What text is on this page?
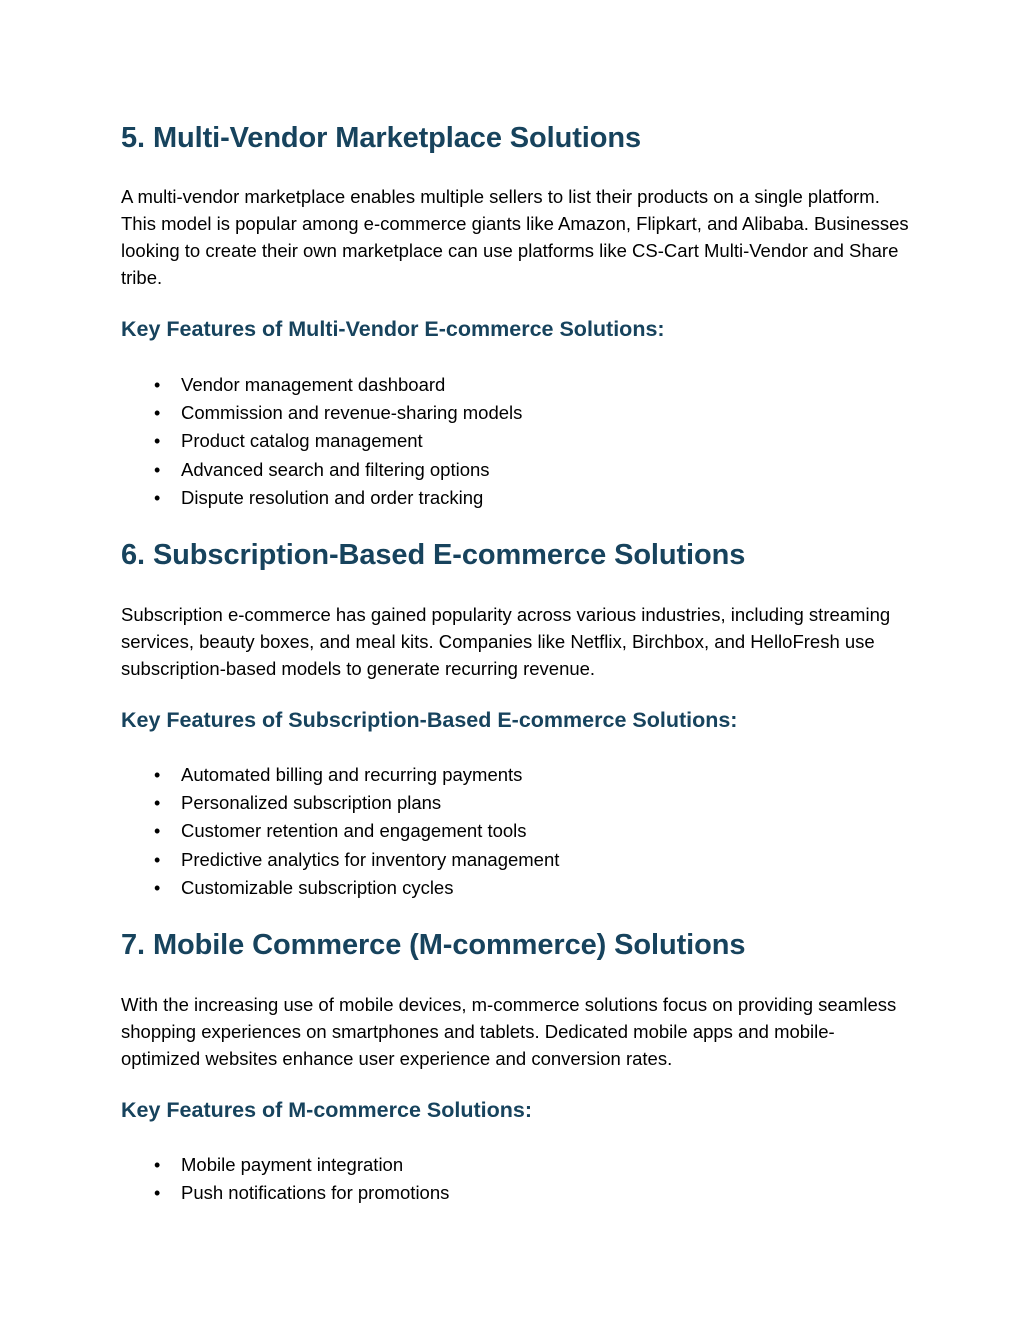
5. Multi-Vendor Marketplace Solutions

A multi-vendor marketplace enables multiple sellers to list their products on a single platform. This model is popular among e-commerce giants like Amazon, Flipkart, and Alibaba. Businesses looking to create their own marketplace can use platforms like CS-Cart Multi-Vendor and Share tribe.

Key Features of Multi-Vendor E-commerce Solutions:
• Vendor management dashboard
• Commission and revenue-sharing models
• Product catalog management
• Advanced search and filtering options
• Dispute resolution and order tracking
6. Subscription-Based E-commerce Solutions

Subscription e-commerce has gained popularity across various industries, including streaming services, beauty boxes, and meal kits. Companies like Netflix, Birchbox, and HelloFresh use subscription-based models to generate recurring revenue.

Key Features of Subscription-Based E-commerce Solutions:
• Automated billing and recurring payments
• Personalized subscription plans
• Customer retention and engagement tools
• Predictive analytics for inventory management
• Customizable subscription cycles
7. Mobile Commerce (M-commerce) Solutions

With the increasing use of mobile devices, m-commerce solutions focus on providing seamless shopping experiences on smartphones and tablets. Dedicated mobile apps and mobile-optimized websites enhance user experience and conversion rates.

Key Features of M-commerce Solutions:
• Mobile payment integration
• Push notifications for promotions
